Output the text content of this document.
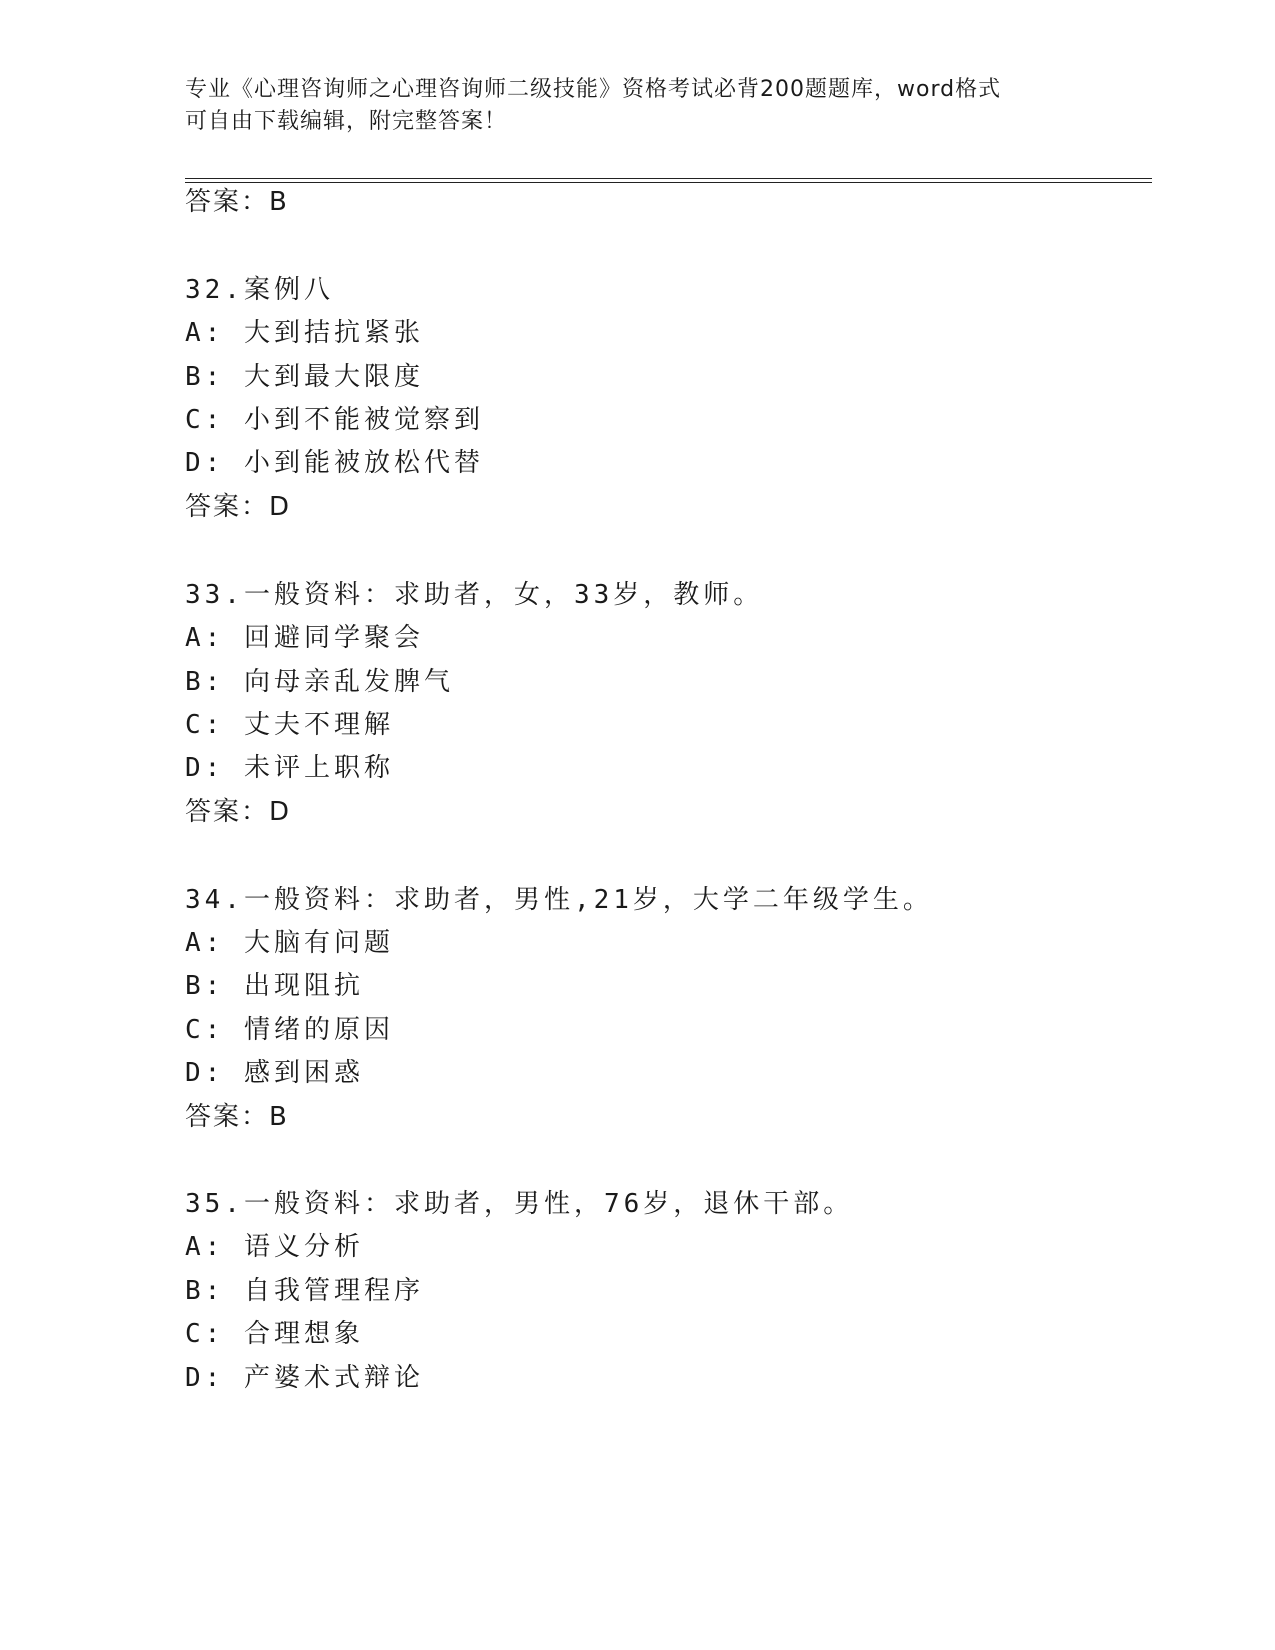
专业《心理咨询师之心理咨询师二级技能》资格考试必背200题题库，word格式
可自由下载编辑，附完整答案！
答案：B
32.案例八
A: 大到拮抗紧张
B: 大到最大限度
C: 小到不能被觉察到
D: 小到能被放松代替
答案：D
33.一般资料：求助者，女，33岁，教师。
A: 回避同学聚会
B: 向母亲乱发脾气
C: 丈夫不理解
D: 未评上职称
答案：D
34.一般资料：求助者，男性,21岁，大学二年级学生。
A: 大脑有问题
B: 出现阻抗
C: 情绪的原因
D: 感到困惑
答案：B
35.一般资料：求助者，男性，76岁，退休干部。
A: 语义分析
B: 自我管理程序
C: 合理想象
D: 产婆术式辩论
